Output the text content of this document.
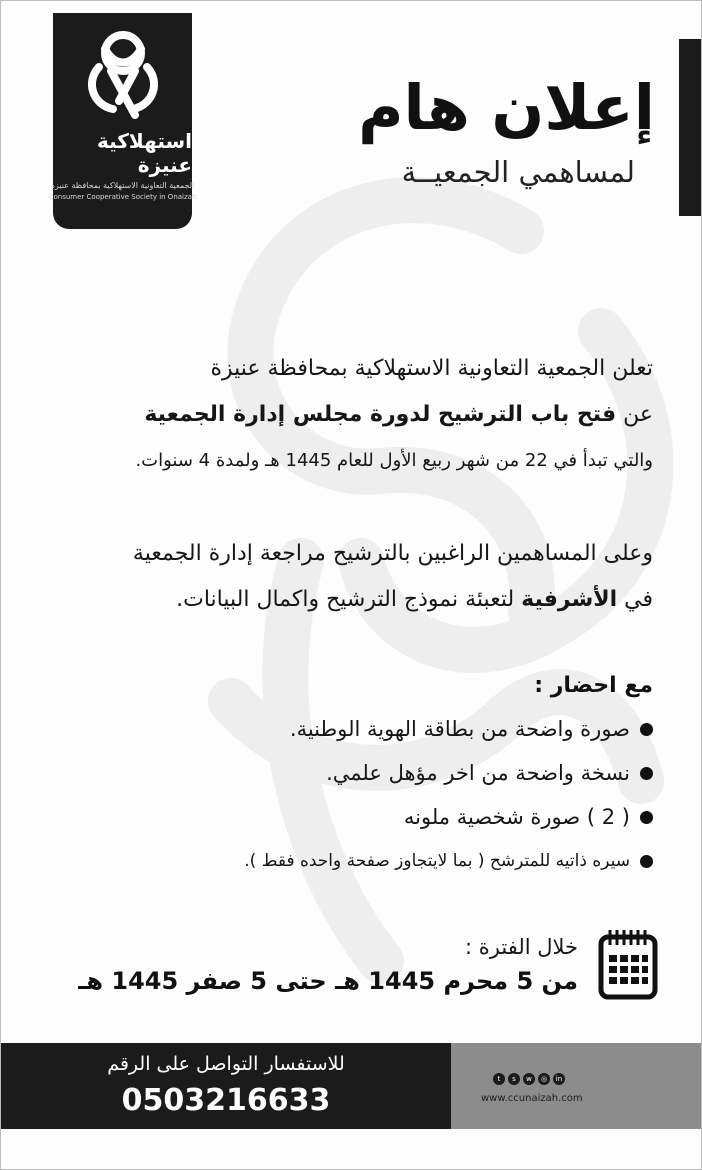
استهلاكية عنيزة
الجمعية التعاونية الاستهلاكية بمحافظة عنيزة
Consumer Cooperative Society in Onaizah
إعلان هام
لمساهمي الجمعيــة
تعلن الجمعية التعاونية الاستهلاكية بمحافظة عنيزة
عن فتح باب الترشيح لدورة مجلس إدارة الجمعية
والتي تبدأ في 22 من شهر ربيع الأول للعام 1445 هـ ولمدة 4 سنوات.
وعلى المساهمين الراغبين بالترشيح مراجعة إدارة الجمعية
في الأشرفية لتعبئة نموذج الترشيح واكمال البيانات.
مع احضار :
صورة واضحة من بطاقة الهوية الوطنية.
نسخة واضحة من اخر مؤهل علمي.
( 2 ) صورة شخصية ملونه
سيره ذاتيه للمترشح ( بما لايتجاوز صفحة واحده فقط ).
خلال الفترة :
من 5 محرم 1445 هـ حتى 5 صفر 1445 هـ
للاستفسار التواصل على الرقم
0503216633
t	s	w	◎	in
www.ccunaizah.com
